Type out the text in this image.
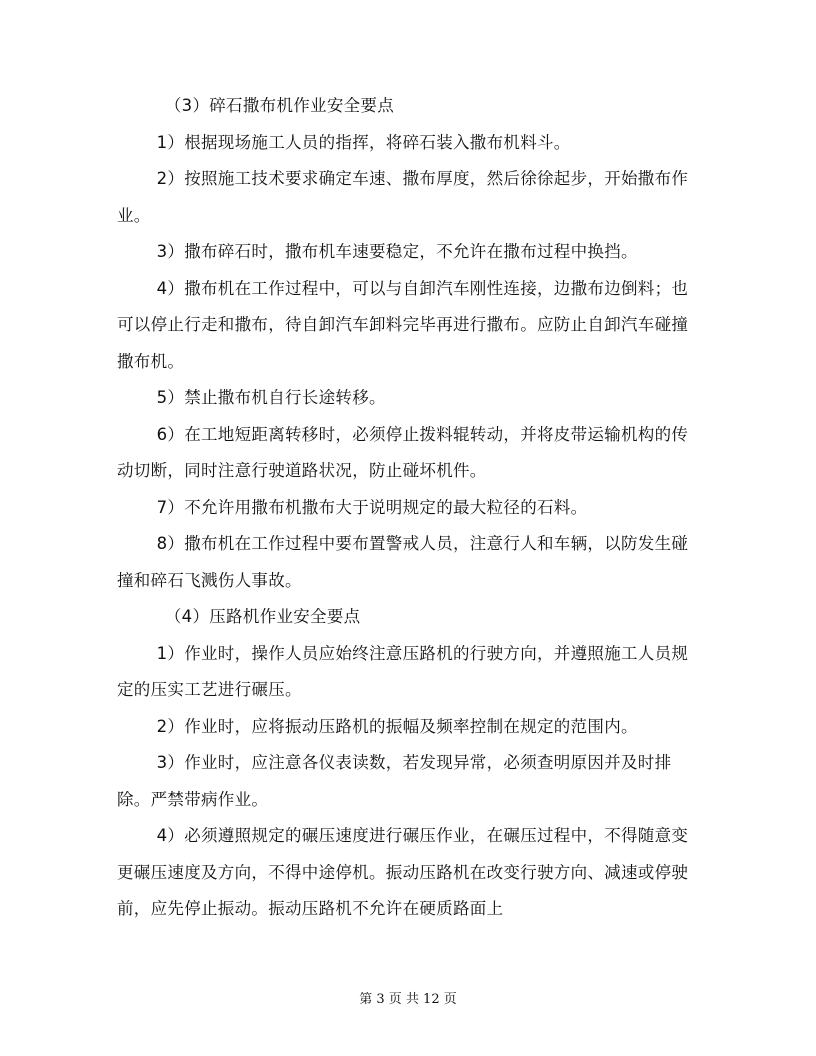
（3）碎石撒布机作业安全要点

1）根据现场施工人员的指挥，将碎石装入撒布机料斗。

2）按照施工技术要求确定车速、撒布厚度，然后徐徐起步，开始撒布作业。

3）撒布碎石时，撒布机车速要稳定，不允许在撒布过程中换挡。

4）撒布机在工作过程中，可以与自卸汽车刚性连接，边撒布边倒料；也可以停止行走和撒布，待自卸汽车卸料完毕再进行撒布。应防止自卸汽车碰撞撒布机。

5）禁止撒布机自行长途转移。

6）在工地短距离转移时，必须停止拨料辊转动，并将皮带运输机构的传动切断，同时注意行驶道路状况，防止碰坏机件。

7）不允许用撒布机撒布大于说明规定的最大粒径的石料。

8）撒布机在工作过程中要布置警戒人员，注意行人和车辆，以防发生碰撞和碎石飞溅伤人事故。

（4）压路机作业安全要点

1）作业时，操作人员应始终注意压路机的行驶方向，并遵照施工人员规定的压实工艺进行碾压。

2）作业时，应将振动压路机的振幅及频率控制在规定的范围内。

3）作业时，应注意各仪表读数，若发现异常，必须查明原因并及时排除。严禁带病作业。

4）必须遵照规定的碾压速度进行碾压作业，在碾压过程中，不得随意变更碾压速度及方向，不得中途停机。振动压路机在改变行驶方向、减速或停驶前，应先停止振动。振动压路机不允许在硬质路面上

第 3 页 共 12 页
